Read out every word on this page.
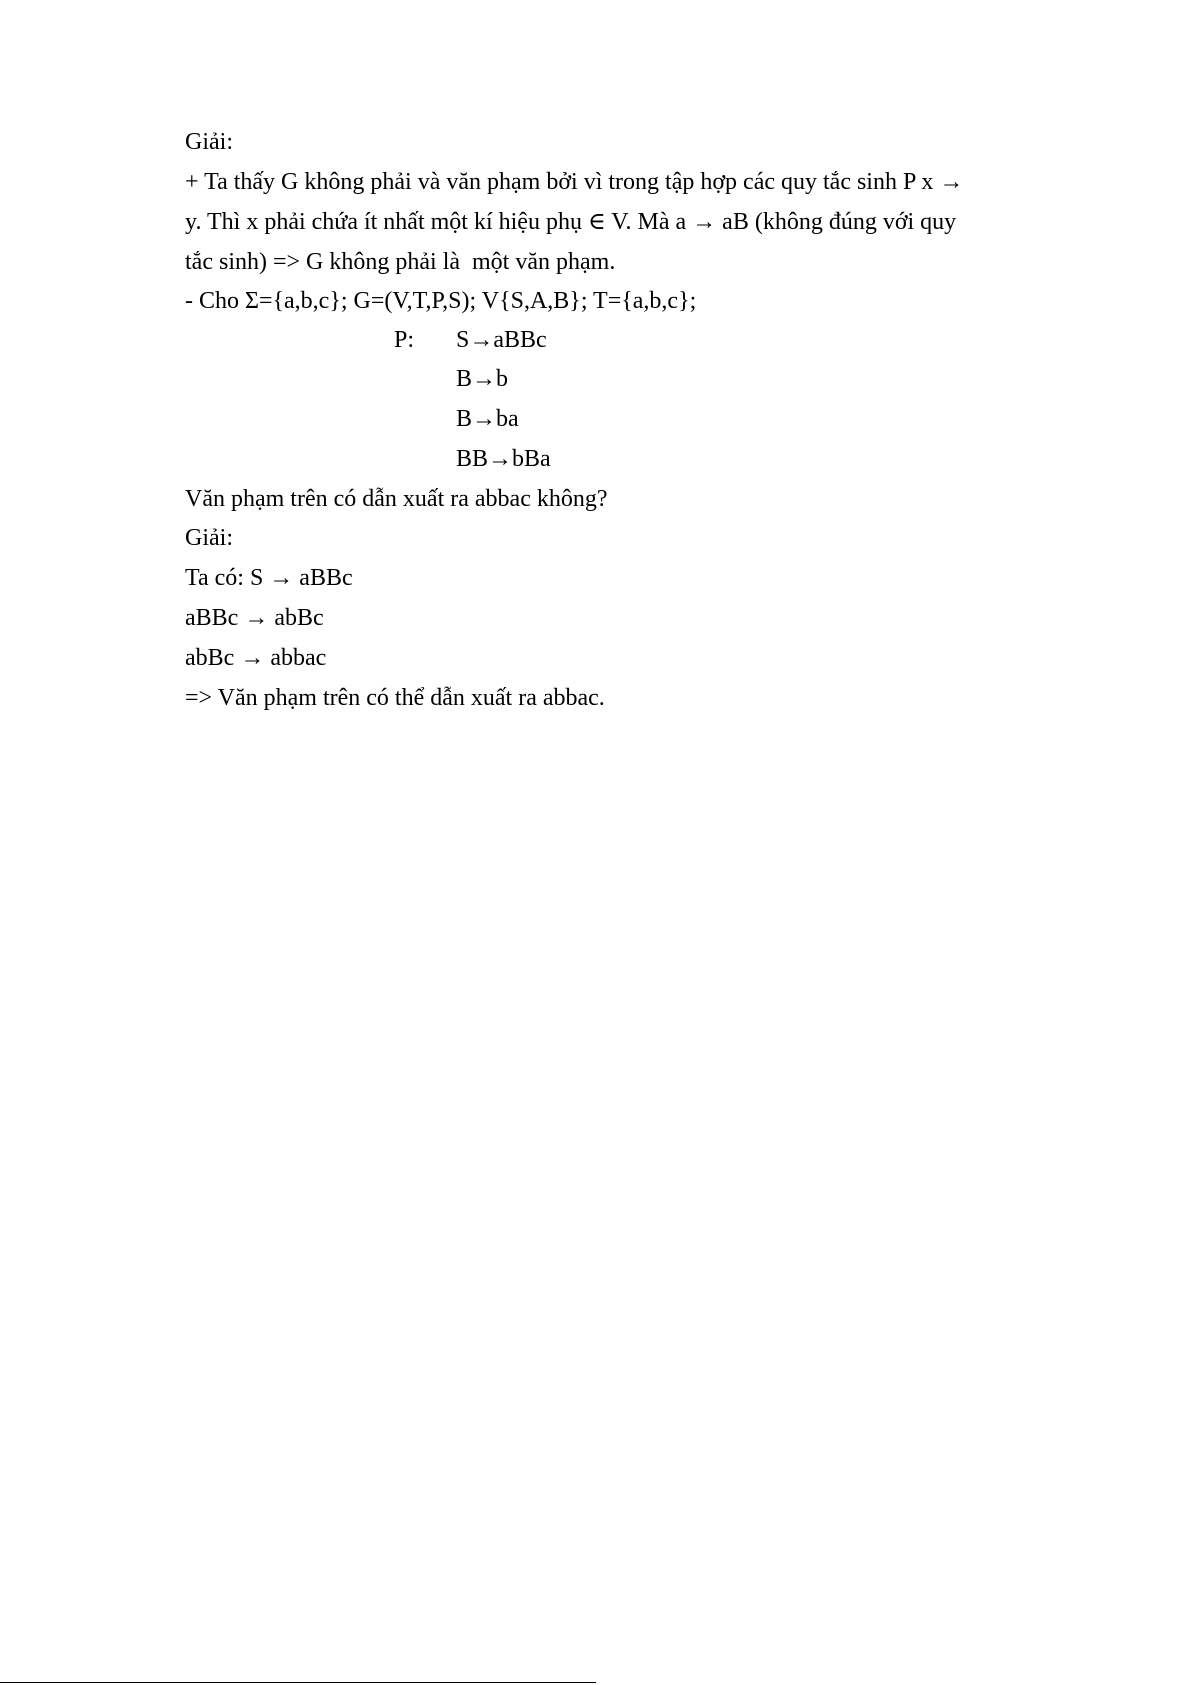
Giải:
+ Ta thấy G không phải và văn phạm bởi vì trong tập hợp các quy tắc sinh P x →
y. Thì x phải chứa ít nhất một kí hiệu phụ ∈ V. Mà a → aB (không đúng với quy
tắc sinh) => G không phải là  một văn phạm.
- Cho Σ={a,b,c}; G=(V,T,P,S); V{S,A,B}; T={a,b,c};
P: S→aBBc
B→b
B→ba
BB→bBa
Văn phạm trên có dẫn xuất ra abbac không?
Giải:
Ta có: S → aBBc
aBBc → abBc
abBc → abbac
=> Văn phạm trên có thể dẫn xuất ra abbac.
